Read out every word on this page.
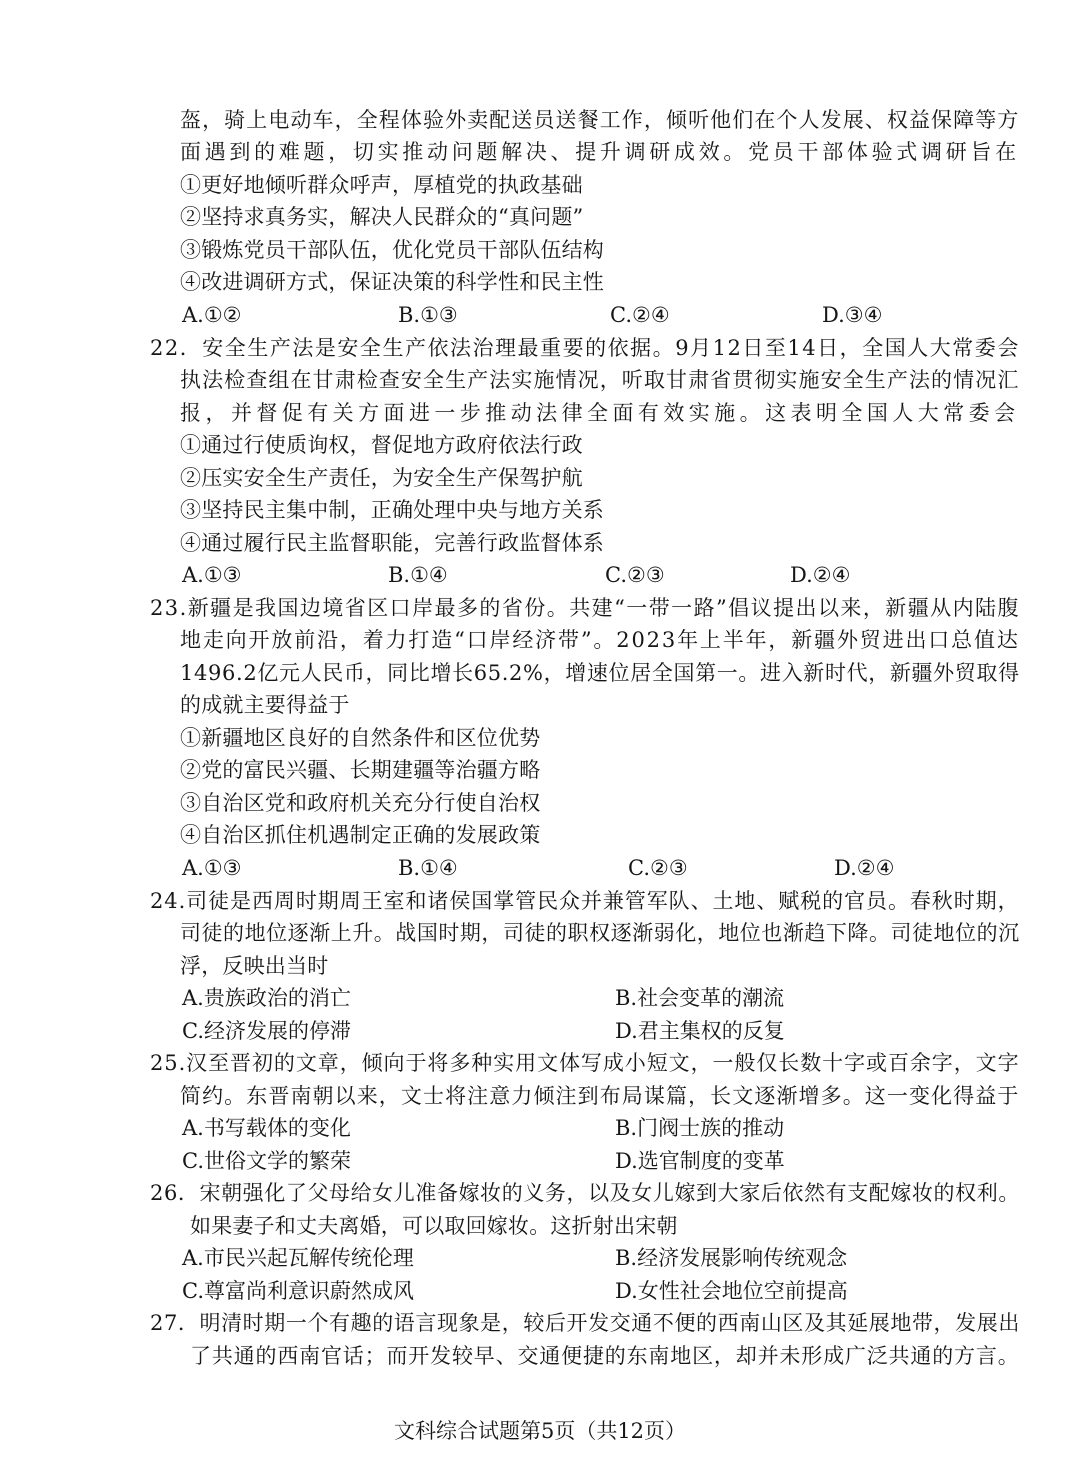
盔，骑上电动车，全程体验外卖配送员送餐工作，倾听他们在个人发展、权益保障等方
面遇到的难题，切实推动问题解决、提升调研成效。党员干部体验式调研旨在
①更好地倾听群众呼声，厚植党的执政基础
②坚持求真务实，解决人民群众的“真问题”
③锻炼党员干部队伍，优化党员干部队伍结构
④改进调研方式，保证决策的科学性和民主性
A.①②	B.①③	C.②④	D.③④
22．安全生产法是安全生产依法治理最重要的依据。9月12日至14日，全国人大常委会
执法检查组在甘肃检查安全生产法实施情况，听取甘肃省贯彻实施安全生产法的情况汇
报，并督促有关方面进一步推动法律全面有效实施。这表明全国人大常委会
①通过行使质询权，督促地方政府依法行政
②压实安全生产责任，为安全生产保驾护航
③坚持民主集中制，正确处理中央与地方关系
④通过履行民主监督职能，完善行政监督体系
A.①③	B.①④	C.②③	D.②④
23.新疆是我国边境省区口岸最多的省份。共建“一带一路”倡议提出以来，新疆从内陆腹
地走向开放前沿，着力打造“口岸经济带”。2023年上半年，新疆外贸进出口总值达
1496.2亿元人民币，同比增长65.2%，增速位居全国第一。进入新时代，新疆外贸取得
的成就主要得益于
①新疆地区良好的自然条件和区位优势
②党的富民兴疆、长期建疆等治疆方略
③自治区党和政府机关充分行使自治权
④自治区抓住机遇制定正确的发展政策
A.①③	B.①④	C.②③	D.②④
24.司徒是西周时期周王室和诸侯国掌管民众并兼管军队、土地、赋税的官员。春秋时期，
司徒的地位逐渐上升。战国时期，司徒的职权逐渐弱化，地位也渐趋下降。司徒地位的沉
浮，反映出当时
A.贵族政治的消亡	B.社会变革的潮流
C.经济发展的停滞	D.君主集权的反复
25.汉至晋初的文章，倾向于将多种实用文体写成小短文，一般仅长数十字或百余字，文字
简约。东晋南朝以来，文士将注意力倾注到布局谋篇，长文逐渐增多。这一变化得益于
A.书写载体的变化	B.门阀士族的推动
C.世俗文学的繁荣	D.选官制度的变革
26．宋朝强化了父母给女儿准备嫁妆的义务，以及女儿嫁到大家后依然有支配嫁妆的权利。
如果妻子和丈夫离婚，可以取回嫁妆。这折射出宋朝
A.市民兴起瓦解传统伦理	B.经济发展影响传统观念
C.尊富尚利意识蔚然成风	D.女性社会地位空前提高
27．明清时期一个有趣的语言现象是，较后开发交通不便的西南山区及其延展地带，发展出
了共通的西南官话；而开发较早、交通便捷的东南地区，却并未形成广泛共通的方言。
文科综合试题第5页（共12页）
